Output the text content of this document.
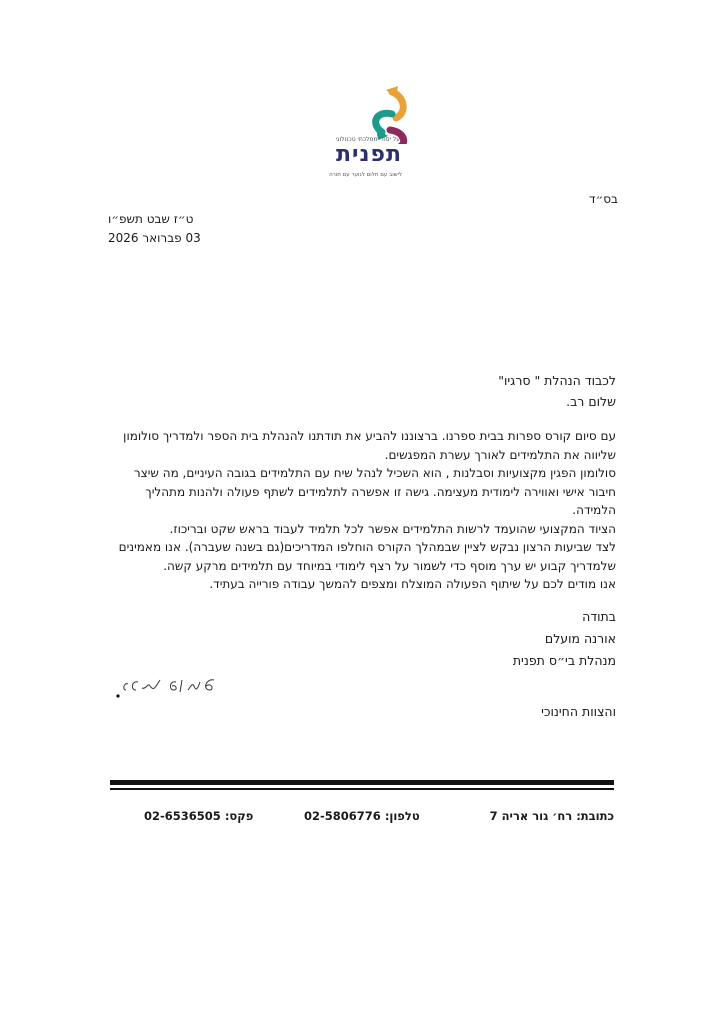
על יסודי ממלכתי טכנולוגי
תפנית
לישוב עם חלום לנוער עם תורה
בס״ד
ט״ז שבט תשפ״ו
03 פברואר 2026
לכבוד הנהלת " סרגיו"
שלום רב.

עם סיום קורס ספרות בבית ספרנו. ברצוננו להביע את תודתנו להנהלת בית הספר ולמדריך סולומון שליווה את התלמידים לאורך עשרת המפגשים.

סולומון הפגין מקצועיות וסבלנות , הוא השכיל לנהל שיח עם התלמידים בגובה העיניים, מה שיצר חיבור אישי ואווירה לימודית מעצימה. גישה זו אפשרה לתלמידים לשתף פעולה ולהנות מתהליך הלמידה.

הציוד המקצועי שהועמד לרשות התלמידים אפשר לכל תלמיד לעבוד בראש שקט ובריכוז.

לצד שביעות הרצון נבקש לציין שבמהלך הקורס הוחלפו המדריכים(גם בשנה שעברה). אנו מאמינים שלמדריך קבוע יש ערך מוסף כדי לשמור על רצף לימודי במיוחד עם תלמידים מרקע קשה.

אנו מודים לכם על שיתוף הפעולה המוצלח ומצפים להמשך עבודה פורייה בעתיד.

בתודה
אורנה מועלם
מנהלת בי״ס תפנית
והצוות החינוכי
כתובת: רח׳ גור אריה 7
טלפון: 02-5806776
פקס: 02-6536505
